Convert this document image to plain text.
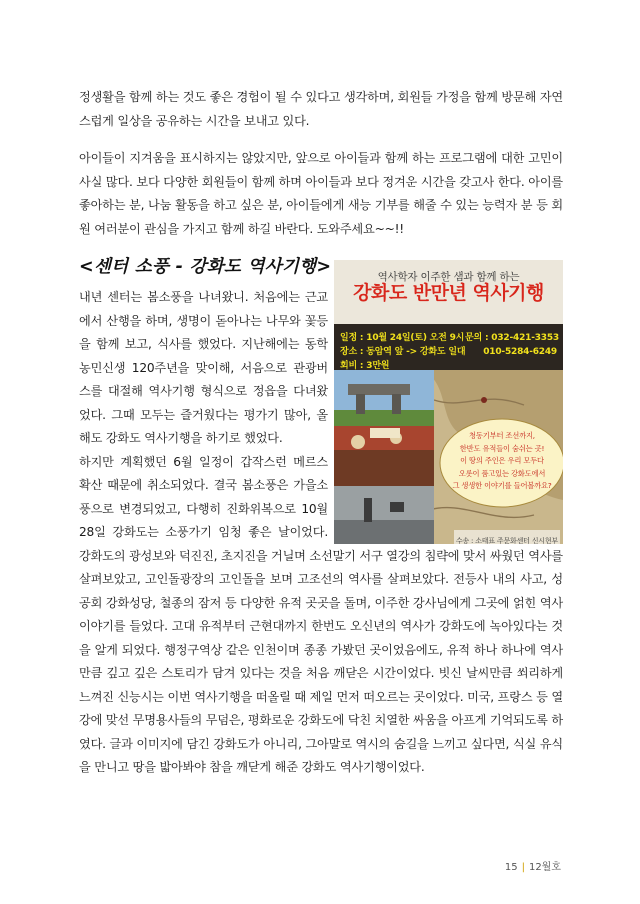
정생활을 함께 하는 것도 좋은 경험이 될 수 있다고 생각하며, 회원들 가정을 함께 방문해 자연스럽게 일상을 공유하는 시간을 보내고 있다.

아이들이 지겨움을 표시하지는 않았지만, 앞으로 아이들과 함께 하는 프로그램에 대한 고민이 사실 많다. 보다 다양한 회원들이 함께 하며 아이들과 보다 정겨운 시간을 갖고사 한다. 아이를 좋아하는 분, 나눔 활동을 하고 싶은 분, 아이들에게 새능 기부를 해줄 수 있는 능력자 분 등 회원 여러분이 관심을 가지고 함께 하길 바란다. 도와주세요~~!!

<센터 소풍 - 강화도 역사기행>	역사학자 이주한 샘과 함께 하는
강화도 반만년 역사기행
일정 : 10월 24일(토) 오전 9시 문의 : 032-421-3353
장소 : 동암역 앞 -> 강화도 일대	010-5284-6249
회비 : 3만원
청동기부터 조선까지,
한반도 유적들이 숨쉬는 곳!
이 땅의 주인은 우리 모두다
오롯이 품고있는 강화도에서
그 생생한 이야기를 들어볼까요?
수송 : 소태표 주문화센터 신시현부

내년 센터는 봄소풍을 나녀왔니. 처음에는 근교에서 산행을 하며, 생명이 돋아나는 나무와 꽃등을 함께 보고, 식사를 했었다. 지난해에는 동학농민신생 120주년을 맞이해, 서음으로 관광버스를 대절해 역사기행 형식으로 정읍을 다녀왔었다. 그때 모두는 즐거웠다는 평가기 많아, 올해도 강화도 역사기행을 하기로 했었다.

하지만 계획했던 6월 일정이 갑작스런 메르스 확산 때문에 취소되었다. 결국 봄소풍은 가을소풍으로 변경되었고, 다행히 진화위복으로 10월 28일 강화도는 소풍가기 임청 좋은 날이었다. 강화도의 광성보와 덕진진, 초지진을 거닐며 소선말기 서구 열강의 침략에 맞서 싸웠던 역사를 살펴보았고, 고인돌광장의 고인돌을 보며 고조선의 역사를 살펴보았다. 전등사 내의 사고, 성공회 강화성당, 철종의 잠저 등 다양한 유적 곳곳을 돌며, 이주한 강사님에게 그곳에 얽힌 역사 이야기를 들었다. 고대 유적부터 근현대까지 한번도 오신년의 역사가 강화도에 녹아있다는 것을 알게 되었다. 행정구역상 같은 인천이며 종종 가봤던 곳이었음에도, 유적 하나 하나에 역사만큼 깊고 깊은 스토리가 담겨 있다는 것을 처음 깨닫은 시간이었다. 빗신 날씨만큼 쐬리하게 느껴진 신능시는 이번 역사기행을 떠올릴 때 제일 먼저 떠오르는 곳이었다. 미국, 프랑스 등 열강에 맞선 무명용사들의 무덤은, 평화로운 강화도에 닥친 치열한 싸움을 아프게 기억되도록 하였다. 글과 이미지에 담긴 강화도가 아니리, 그아말로 역시의 숨길을 느끼고 싶다면, 식실 유식을 만니고 땅을 밟아봐야 참을 깨닫게 해준 강화도 역사기행이었다.

15 | 12월호
